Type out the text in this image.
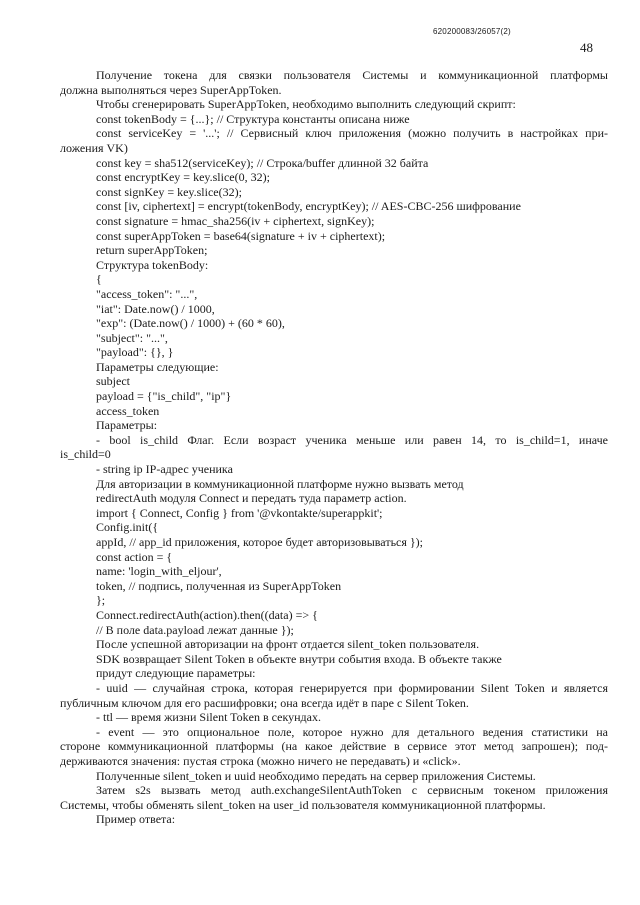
620200083/26057(2)
48
Получение токена для связки пользователя Системы и коммуникационной платформы
должна выполняться через SuperAppToken.
Чтобы сгенерировать SuperAppToken, необходимо выполнить следующий скрипт:
const tokenBody = {...}; // Структура константы описана ниже
const serviceKey = '...'; // Сервисный ключ приложения (можно получить в настройках при-
ложения VK)
const key = sha512(serviceKey); // Строка/buffer длинной 32 байта
const encryptKey = key.slice(0, 32);
const signKey = key.slice(32);
const [iv, ciphertext] = encrypt(tokenBody, encryptKey); // AES-CBC-256 шифрование
const signature = hmac_sha256(iv + ciphertext, signKey);
const superAppToken = base64(signature + iv + ciphertext);
return superAppToken;
Структура tokenBody:
{
"access_token": "...",
"iat": Date.now() / 1000,
"exp": (Date.now() / 1000) + (60 * 60),
"subject": "...",
"payload": {}, }
Параметры следующие:
subject
payload = {"is_child", "ip"}
access_token
Параметры:
- bool is_child Флаг. Если возраст ученика меньше или равен 14, то is_child=1, иначе
is_child=0
- string ip IP-адрес ученика
Для авторизации в коммуникационной платформе нужно вызвать метод
redirectAuth модуля Connect и передать туда параметр action.
import { Connect, Config } from '@vkontakte/superappkit';
Config.init({
appId, // app_id приложения, которое будет авторизовываться });
const action = {
name: 'login_with_eljour',
token, // подпись, полученная из SuperAppToken
};
Connect.redirectAuth(action).then((data) => {
// В поле data.payload лежат данные });
После успешной авторизации на фронт отдается silent_token пользователя.
SDK возвращает Silent Token в объекте внутри события входа. В объекте также
придут следующие параметры:
- uuid — случайная строка, которая генерируется при формировании Silent Token и является
публичным ключом для его расшифровки; она всегда идёт в паре с Silent Token.
- ttl — время жизни Silent Token в секундах.
- event — это опциональное поле, которое нужно для детального ведения статистики на
стороне коммуникационной платформы (на какое действие в сервисе этот метод запрошен); под-
держиваются значения: пустая строка (можно ничего не передавать) и «click».
Полученные silent_token и uuid необходимо передать на сервер приложения Системы.
Затем s2s вызвать метод auth.exchangeSilentAuthToken с сервисным токеном приложения
Системы, чтобы обменять silent_token на user_id пользователя коммуникационной платформы.
Пример ответа:
